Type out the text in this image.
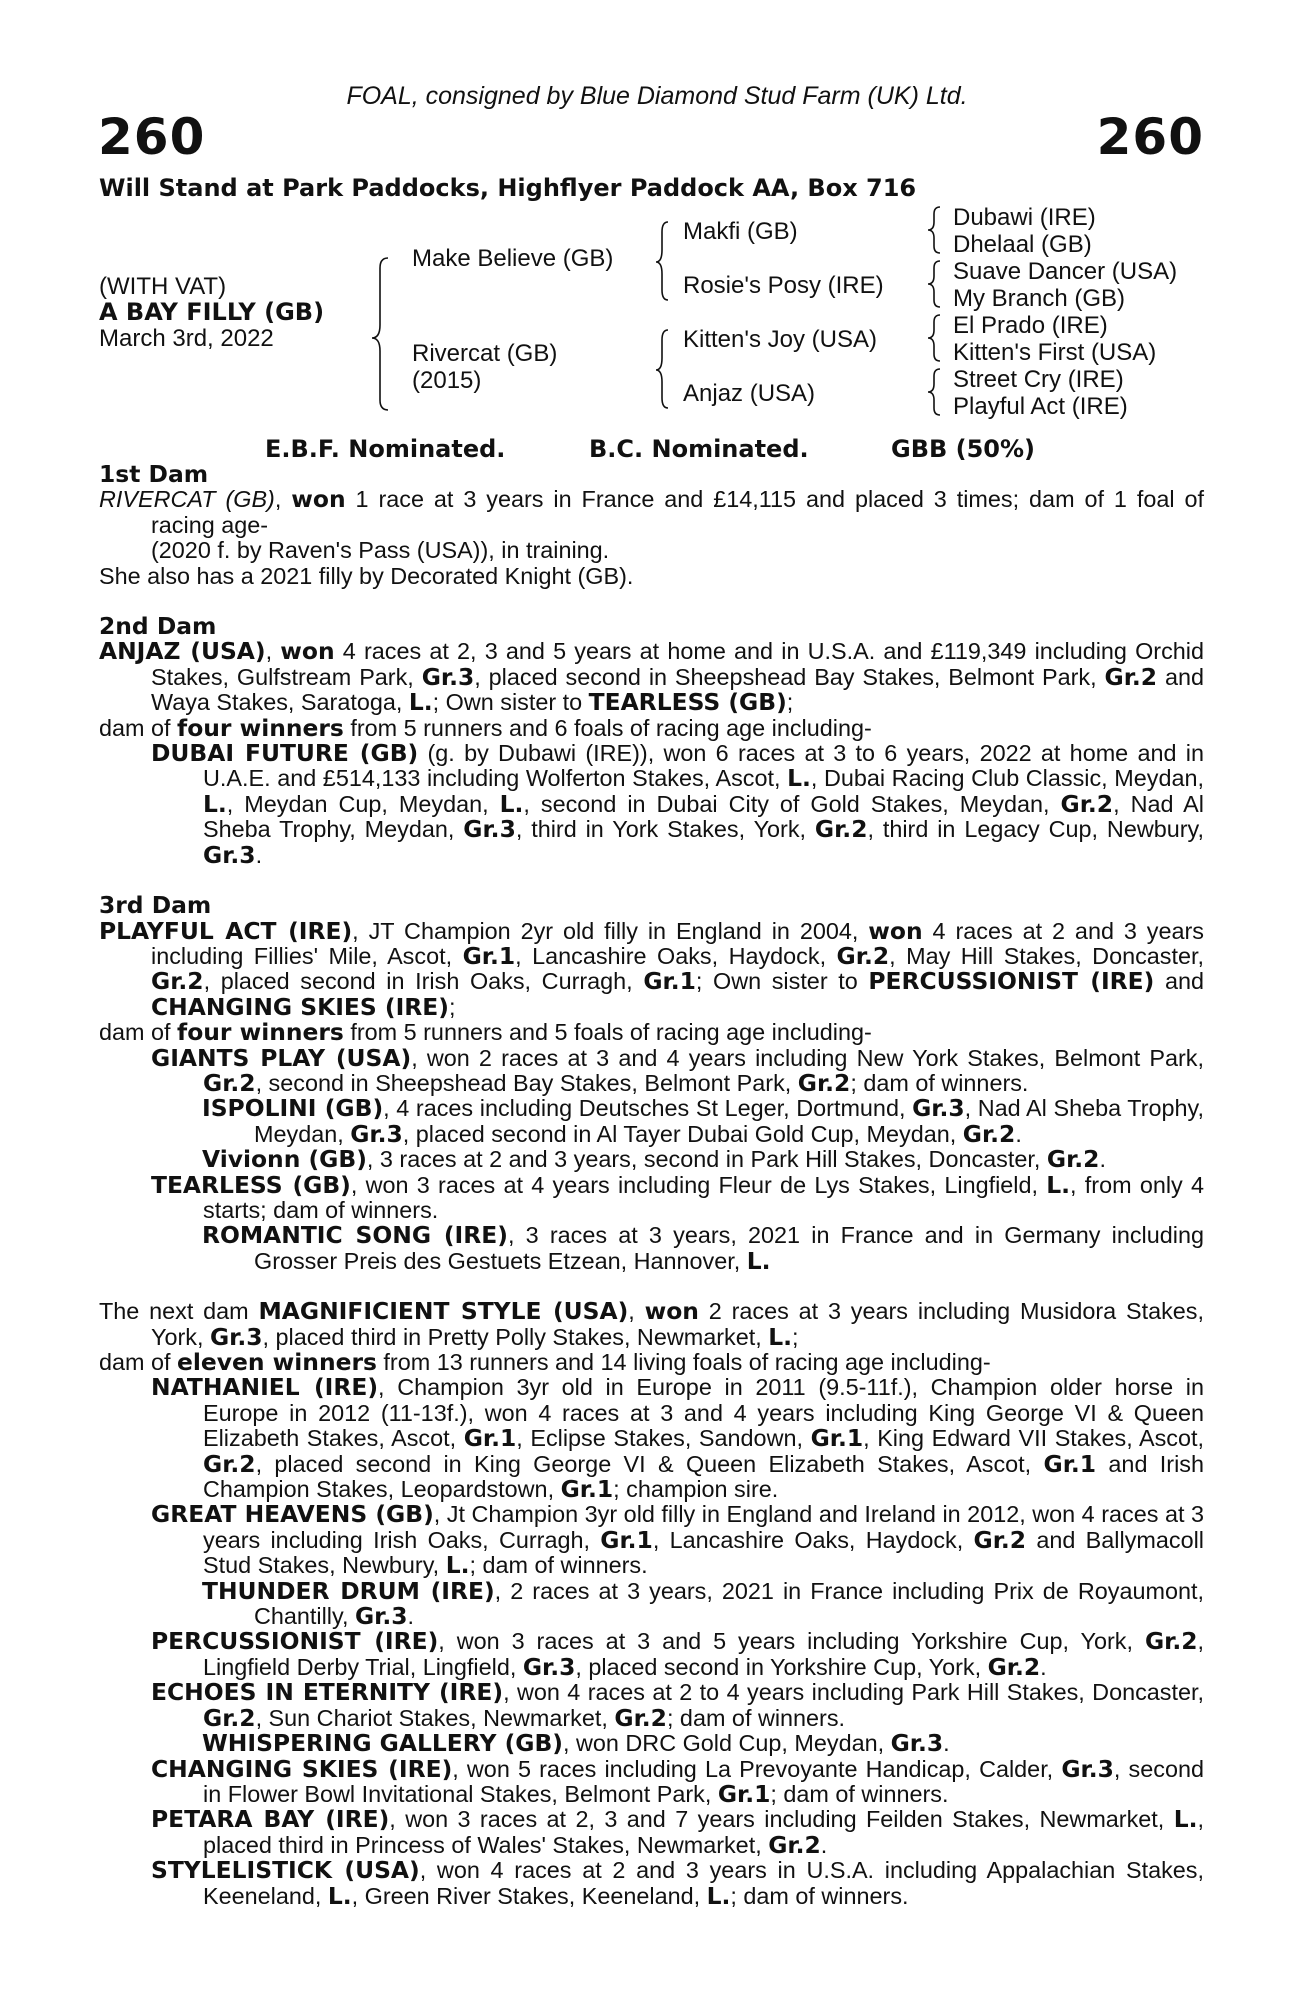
FOAL, consigned by Blue Diamond Stud Farm (UK) Ltd.
260	260
Will Stand at Park Paddocks, Highflyer Paddock AA, Box 716
(WITH VAT)
A BAY FILLY (GB)
March 3rd, 2022
Make Believe (GB)
Rivercat (GB)
(2015)
Makfi (GB)
Rosie's Posy (IRE)
Kitten's Joy (USA)
Anjaz (USA)
Dubawi (IRE)
Dhelaal (GB)
Suave Dancer (USA)
My Branch (GB)
El Prado (IRE)
Kitten's First (USA)
Street Cry (IRE)
Playful Act (IRE)
E.B.F. Nominated.	B.C. Nominated.	GBB (50%)

1st Dam

RIVERCAT (GB), won 1 race at 3 years in France and £14,115 and placed 3 times; dam of 1 foal of racing age-

(2020 f. by Raven's Pass (USA)), in training.

She also has a 2021 filly by Decorated Knight (GB).

2nd Dam

ANJAZ (USA), won 4 races at 2, 3 and 5 years at home and in U.S.A. and £119,349 including Orchid Stakes, Gulfstream Park, Gr.3, placed second in Sheepshead Bay Stakes, Belmont Park, Gr.2 and Waya Stakes, Saratoga, L.; Own sister to TEARLESS (GB);

dam of four winners from 5 runners and 6 foals of racing age including-

DUBAI FUTURE (GB) (g. by Dubawi (IRE)), won 6 races at 3 to 6 years, 2022 at home and in U.A.E. and £514,133 including Wolferton Stakes, Ascot, L., Dubai Racing Club Classic, Meydan, L., Meydan Cup, Meydan, L., second in Dubai City of Gold Stakes, Meydan, Gr.2, Nad Al Sheba Trophy, Meydan, Gr.3, third in York Stakes, York, Gr.2, third in Legacy Cup, Newbury, Gr.3.

3rd Dam

PLAYFUL ACT (IRE), JT Champion 2yr old filly in England in 2004, won 4 races at 2 and 3 years including Fillies' Mile, Ascot, Gr.1, Lancashire Oaks, Haydock, Gr.2, May Hill Stakes, Doncaster, Gr.2, placed second in Irish Oaks, Curragh, Gr.1; Own sister to PERCUSSIONIST (IRE) and CHANGING SKIES (IRE);

dam of four winners from 5 runners and 5 foals of racing age including-

GIANTS PLAY (USA), won 2 races at 3 and 4 years including New York Stakes, Belmont Park, Gr.2, second in Sheepshead Bay Stakes, Belmont Park, Gr.2; dam of winners.

ISPOLINI (GB), 4 races including Deutsches St Leger, Dortmund, Gr.3, Nad Al Sheba Trophy, Meydan, Gr.3, placed second in Al Tayer Dubai Gold Cup, Meydan, Gr.2.

Vivionn (GB), 3 races at 2 and 3 years, second in Park Hill Stakes, Doncaster, Gr.2.

TEARLESS (GB), won 3 races at 4 years including Fleur de Lys Stakes, Lingfield, L., from only 4 starts; dam of winners.

ROMANTIC SONG (IRE), 3 races at 3 years, 2021 in France and in Germany including Grosser Preis des Gestuets Etzean, Hannover, L.

The next dam MAGNIFICIENT STYLE (USA), won 2 races at 3 years including Musidora Stakes, York, Gr.3, placed third in Pretty Polly Stakes, Newmarket, L.;

dam of eleven winners from 13 runners and 14 living foals of racing age including-

NATHANIEL (IRE), Champion 3yr old in Europe in 2011 (9.5-11f.), Champion older horse in Europe in 2012 (11-13f.), won 4 races at 3 and 4 years including King George VI & Queen Elizabeth Stakes, Ascot, Gr.1, Eclipse Stakes, Sandown, Gr.1, King Edward VII Stakes, Ascot, Gr.2, placed second in King George VI & Queen Elizabeth Stakes, Ascot, Gr.1 and Irish Champion Stakes, Leopardstown, Gr.1; champion sire.

GREAT HEAVENS (GB), Jt Champion 3yr old filly in England and Ireland in 2012, won 4 races at 3 years including Irish Oaks, Curragh, Gr.1, Lancashire Oaks, Haydock, Gr.2 and Ballymacoll Stud Stakes, Newbury, L.; dam of winners.

THUNDER DRUM (IRE), 2 races at 3 years, 2021 in France including Prix de Royaumont, Chantilly, Gr.3.

PERCUSSIONIST (IRE), won 3 races at 3 and 5 years including Yorkshire Cup, York, Gr.2, Lingfield Derby Trial, Lingfield, Gr.3, placed second in Yorkshire Cup, York, Gr.2.

ECHOES IN ETERNITY (IRE), won 4 races at 2 to 4 years including Park Hill Stakes, Doncaster, Gr.2, Sun Chariot Stakes, Newmarket, Gr.2; dam of winners.

WHISPERING GALLERY (GB), won DRC Gold Cup, Meydan, Gr.3.

CHANGING SKIES (IRE), won 5 races including La Prevoyante Handicap, Calder, Gr.3, second in Flower Bowl Invitational Stakes, Belmont Park, Gr.1; dam of winners.

PETARA BAY (IRE), won 3 races at 2, 3 and 7 years including Feilden Stakes, Newmarket, L., placed third in Princess of Wales' Stakes, Newmarket, Gr.2.

STYLELISTICK (USA), won 4 races at 2 and 3 years in U.S.A. including Appalachian Stakes, Keeneland, L., Green River Stakes, Keeneland, L.; dam of winners.
